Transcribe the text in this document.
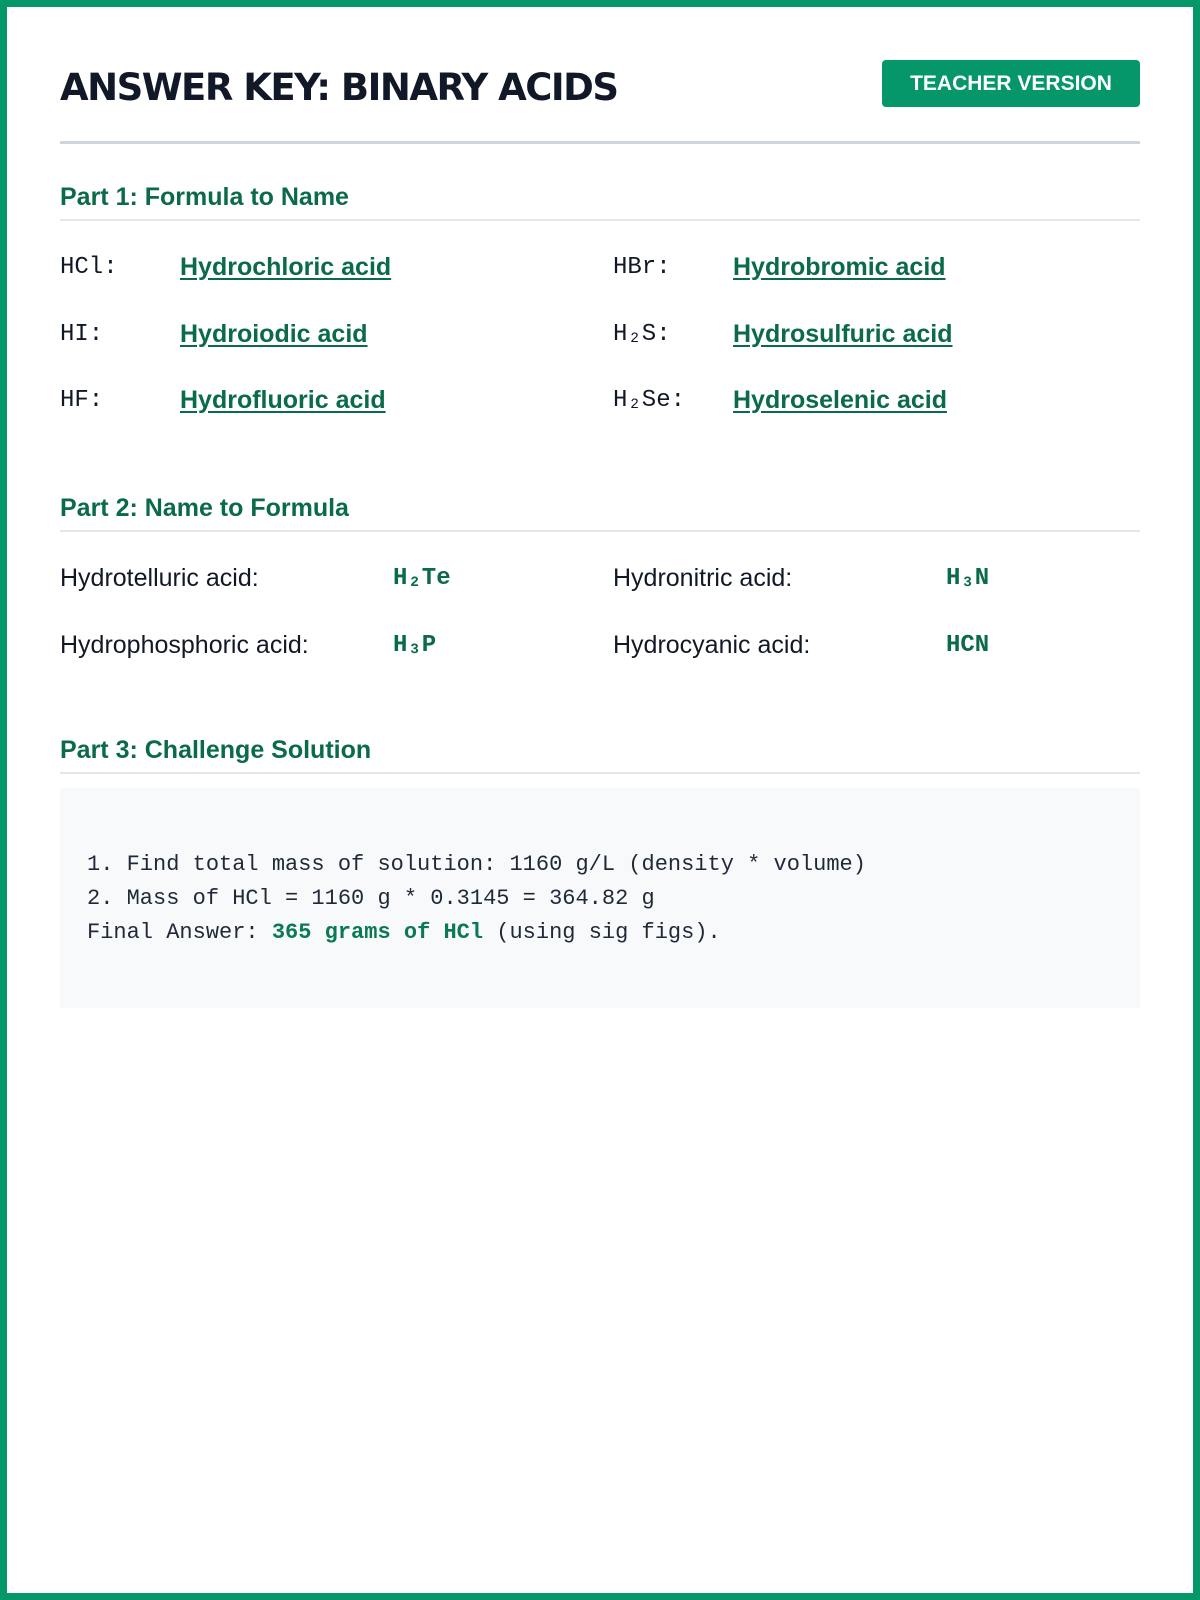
ANSWER KEY: BINARY ACIDS	TEACHER VERSION
Part 1: Formula to Name
HCl:	Hydrochloric acid	HBr:	Hydrobromic acid
HI:	Hydroiodic acid	H₂S:	Hydrosulfuric acid
HF:	Hydrofluoric acid	H₂Se:	Hydroselenic acid
Part 2: Name to Formula
Hydrotelluric acid:	H₂Te	Hydronitric acid:	H₃N
Hydrophosphoric acid:	H₃P	Hydrocyanic acid:	HCN
Part 3: Challenge Solution
1. Find total mass of solution: 1160 g/L (density * volume)
2. Mass of HCl = 1160 g * 0.3145 = 364.82 g
Final Answer: 365 grams of HCl (using sig figs).
